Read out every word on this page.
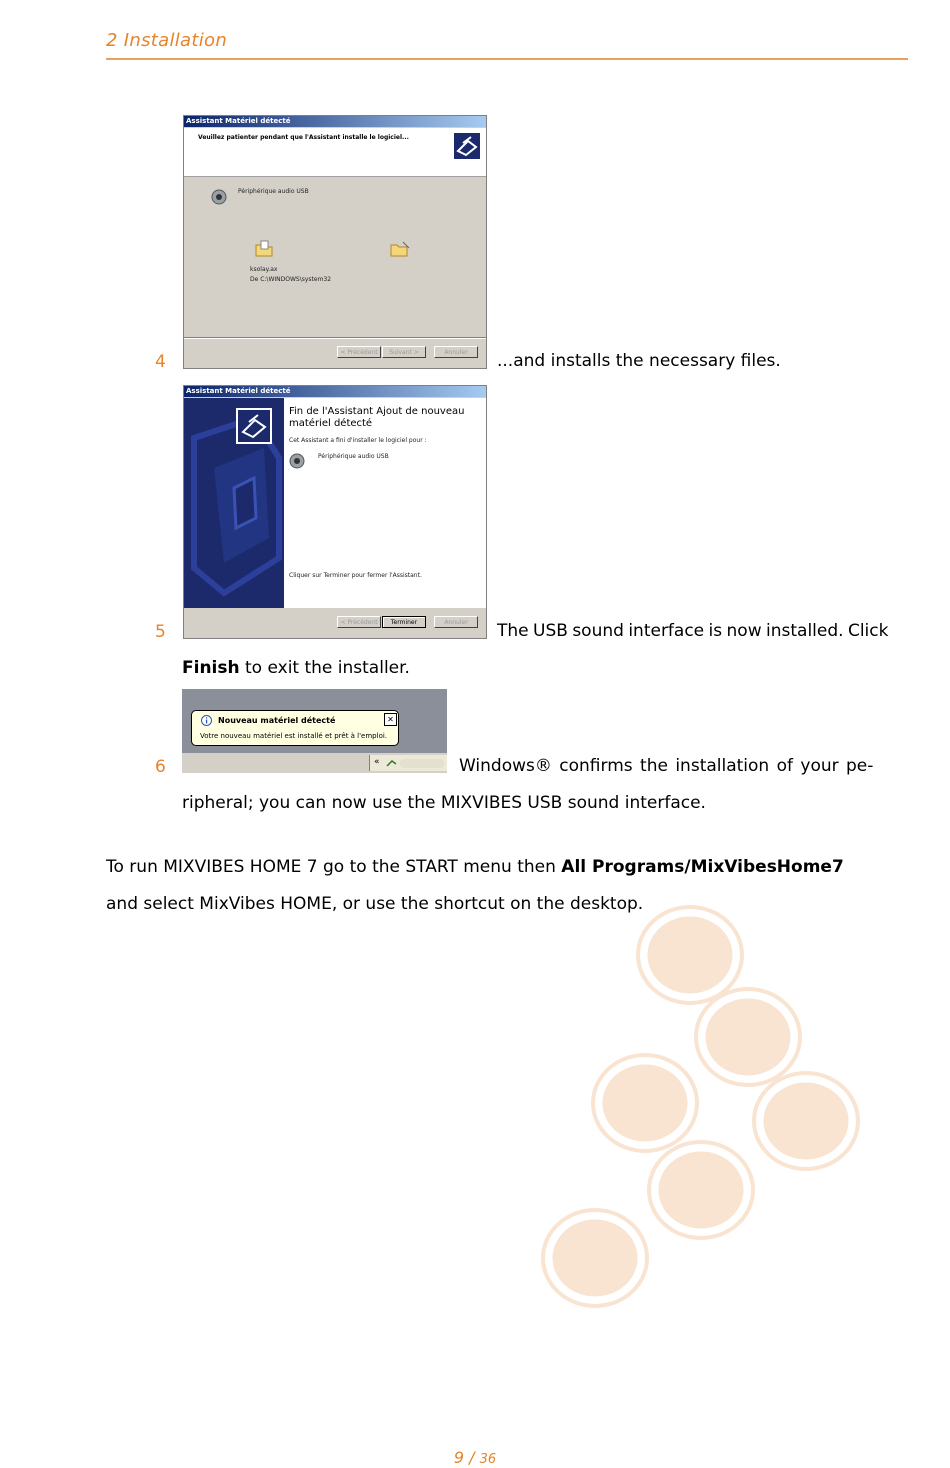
2 Installation
Assistant Matériel détecté
Veuillez patienter pendant que l'Assistant installe le logiciel...
Périphérique audio USB
ksolay.ax
De C:\WINDOWS\system32
< Précédent	Suivant >	Annuler
4	...and installs the necessary files.
Assistant Matériel détecté
Fin de l'Assistant Ajout de nouveau
matériel détecté
Cet Assistant a fini d'installer le logiciel pour :
Périphérique audio USB
Cliquer sur Terminer pour fermer l'Assistant.
< Précédent	Terminer	Annuler
5	The USB sound interface is now installed. Click
Finish to exit the installer.
Nouveau matériel détecté
Votre nouveau matériel est installé et prêt à l'emploi.
✕
«
6	Windows® confirms the installation of your pe-
ripheral; you can now use the MIXVIBES USB sound interface.
To run MIXVIBES HOME 7 go to the START menu then All Programs/MixVibesHome7
and select MixVibes HOME, or use the shortcut on the desktop.
9 / 36
